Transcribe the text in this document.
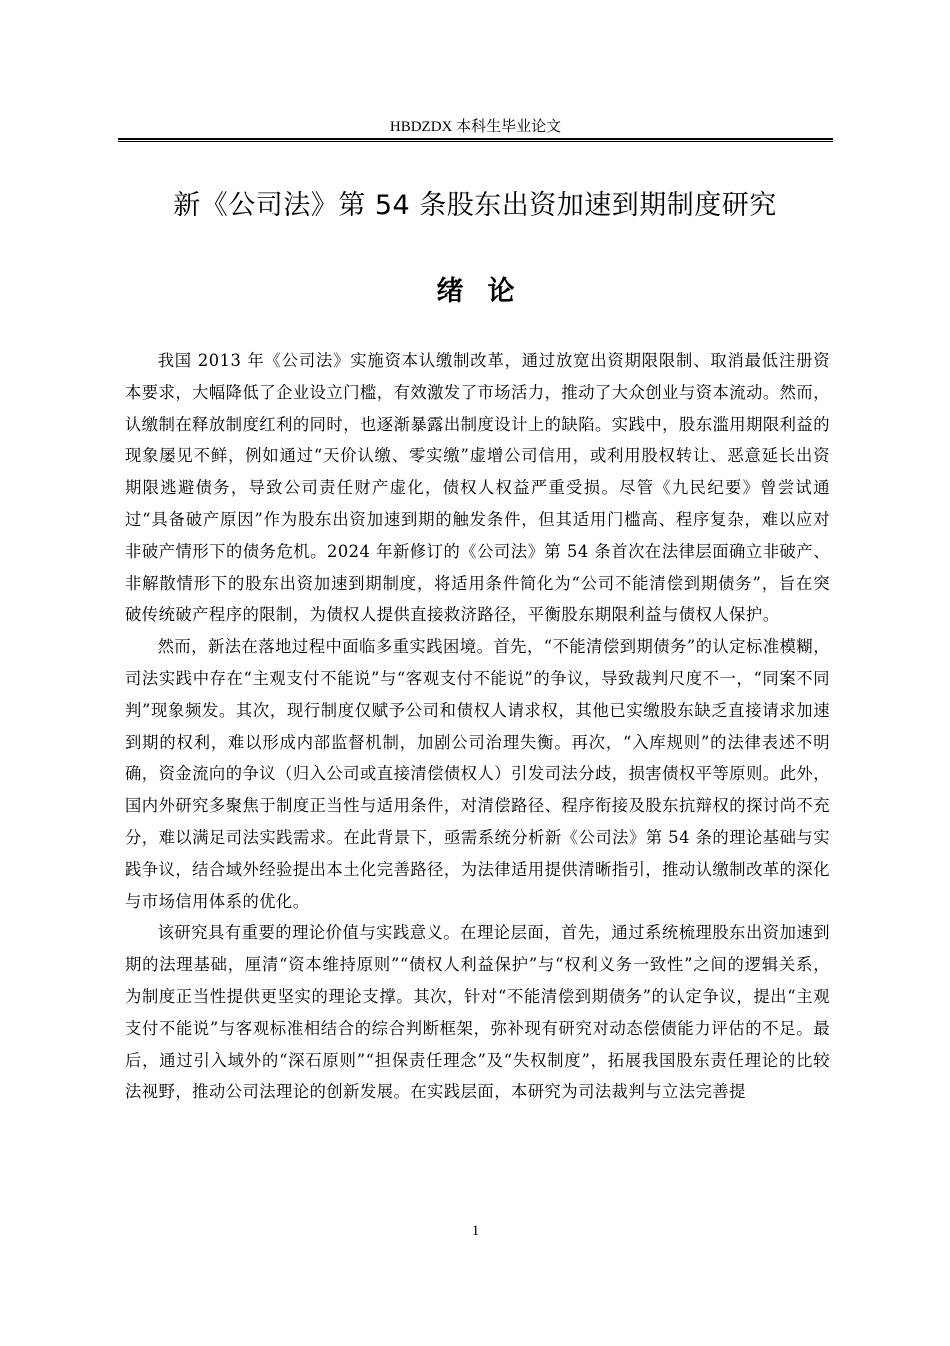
HBDZDX 本科生毕业论文
新《公司法》第 54 条股东出资加速到期制度研究
绪论

我国 2013 年《公司法》实施资本认缴制改革，通过放宽出资期限限制、取消最低注册资本要求，大幅降低了企业设立门槛，有效激发了市场活力，推动了大众创业与资本流动。然而，认缴制在释放制度红利的同时，也逐渐暴露出制度设计上的缺陷。实践中，股东滥用期限利益的现象屡见不鲜，例如通过“天价认缴、零实缴”虚增公司信用，或利用股权转让、恶意延长出资期限逃避债务，导致公司责任财产虚化，债权人权益严重受损。尽管《九民纪要》曾尝试通过“具备破产原因”作为股东出资加速到期的触发条件，但其适用门槛高、程序复杂，难以应对非破产情形下的债务危机。2024 年新修订的《公司法》第 54 条首次在法律层面确立非破产、非解散情形下的股东出资加速到期制度，将适用条件简化为“公司不能清偿到期债务”，旨在突破传统破产程序的限制，为债权人提供直接救济路径，平衡股东期限利益与债权人保护。

然而，新法在落地过程中面临多重实践困境。首先，“不能清偿到期债务”的认定标准模糊，司法实践中存在“主观支付不能说”与“客观支付不能说”的争议，导致裁判尺度不一，“同案不同判”现象频发。其次，现行制度仅赋予公司和债权人请求权，其他已实缴股东缺乏直接请求加速到期的权利，难以形成内部监督机制，加剧公司治理失衡。再次，“入库规则”的法律表述不明确，资金流向的争议（归入公司或直接清偿债权人）引发司法分歧，损害债权平等原则。此外，国内外研究多聚焦于制度正当性与适用条件，对清偿路径、程序衔接及股东抗辩权的探讨尚不充分，难以满足司法实践需求。在此背景下，亟需系统分析新《公司法》第 54 条的理论基础与实践争议，结合域外经验提出本土化完善路径，为法律适用提供清晰指引，推动认缴制改革的深化与市场信用体系的优化。

该研究具有重要的理论价值与实践意义。在理论层面，首先，通过系统梳理股东出资加速到期的法理基础，厘清“资本维持原则”“债权人利益保护”与“权利义务一致性”之间的逻辑关系，为制度正当性提供更坚实的理论支撑。其次，针对“不能清偿到期债务”的认定争议，提出“主观支付不能说”与客观标准相结合的综合判断框架，弥补现有研究对动态偿债能力评估的不足。最后，通过引入域外的“深石原则”“担保责任理念”及“失权制度”，拓展我国股东责任理论的比较法视野，推动公司法理论的创新发展。在实践层面，本研究为司法裁判与立法完善提

1
